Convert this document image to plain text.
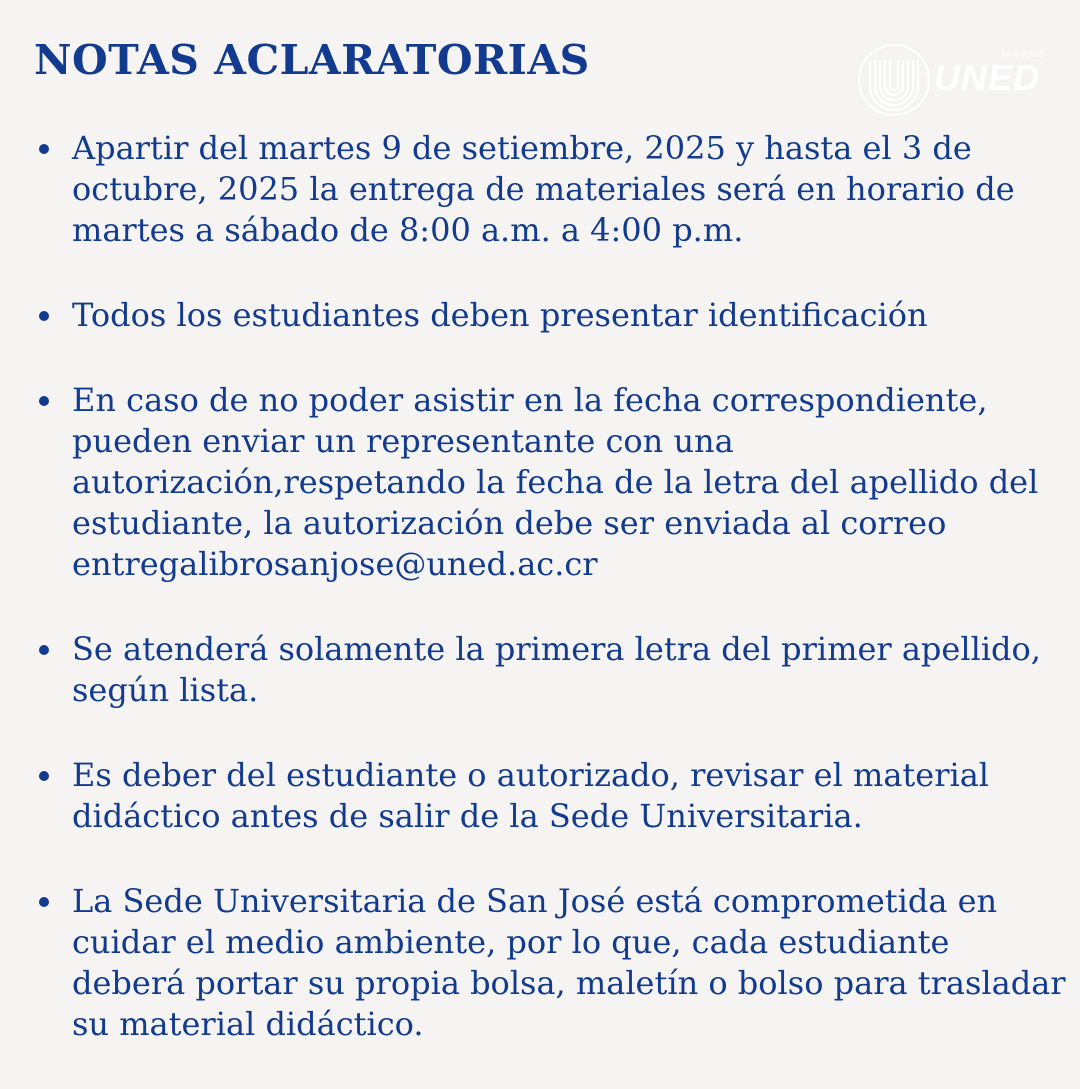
NOTAS ACLARATORIAS	SAN JOSÉ
UNED
Apartir del martes 9 de setiembre, 2025 y hasta el 3 de octubre, 2025 la entrega de materiales será en horario de martes a sábado de 8:00 a.m. a 4:00 p.m.
Todos los estudiantes deben presentar identificación
En caso de no poder asistir en la fecha correspondiente, pueden enviar un representante con una autorización,respetando la fecha de la letra del apellido del estudiante, la autorización debe ser enviada al correo entregalibrosanjose@uned.ac.cr
Se atenderá solamente la primera letra del primer apellido, según lista.
Es deber del estudiante o autorizado, revisar el material didáctico antes de salir de la Sede Universitaria.
La Sede Universitaria de San José está comprometida en cuidar el medio ambiente, por lo que, cada estudiante deberá portar su propia bolsa, maletín o bolso para trasladar su material didáctico.
